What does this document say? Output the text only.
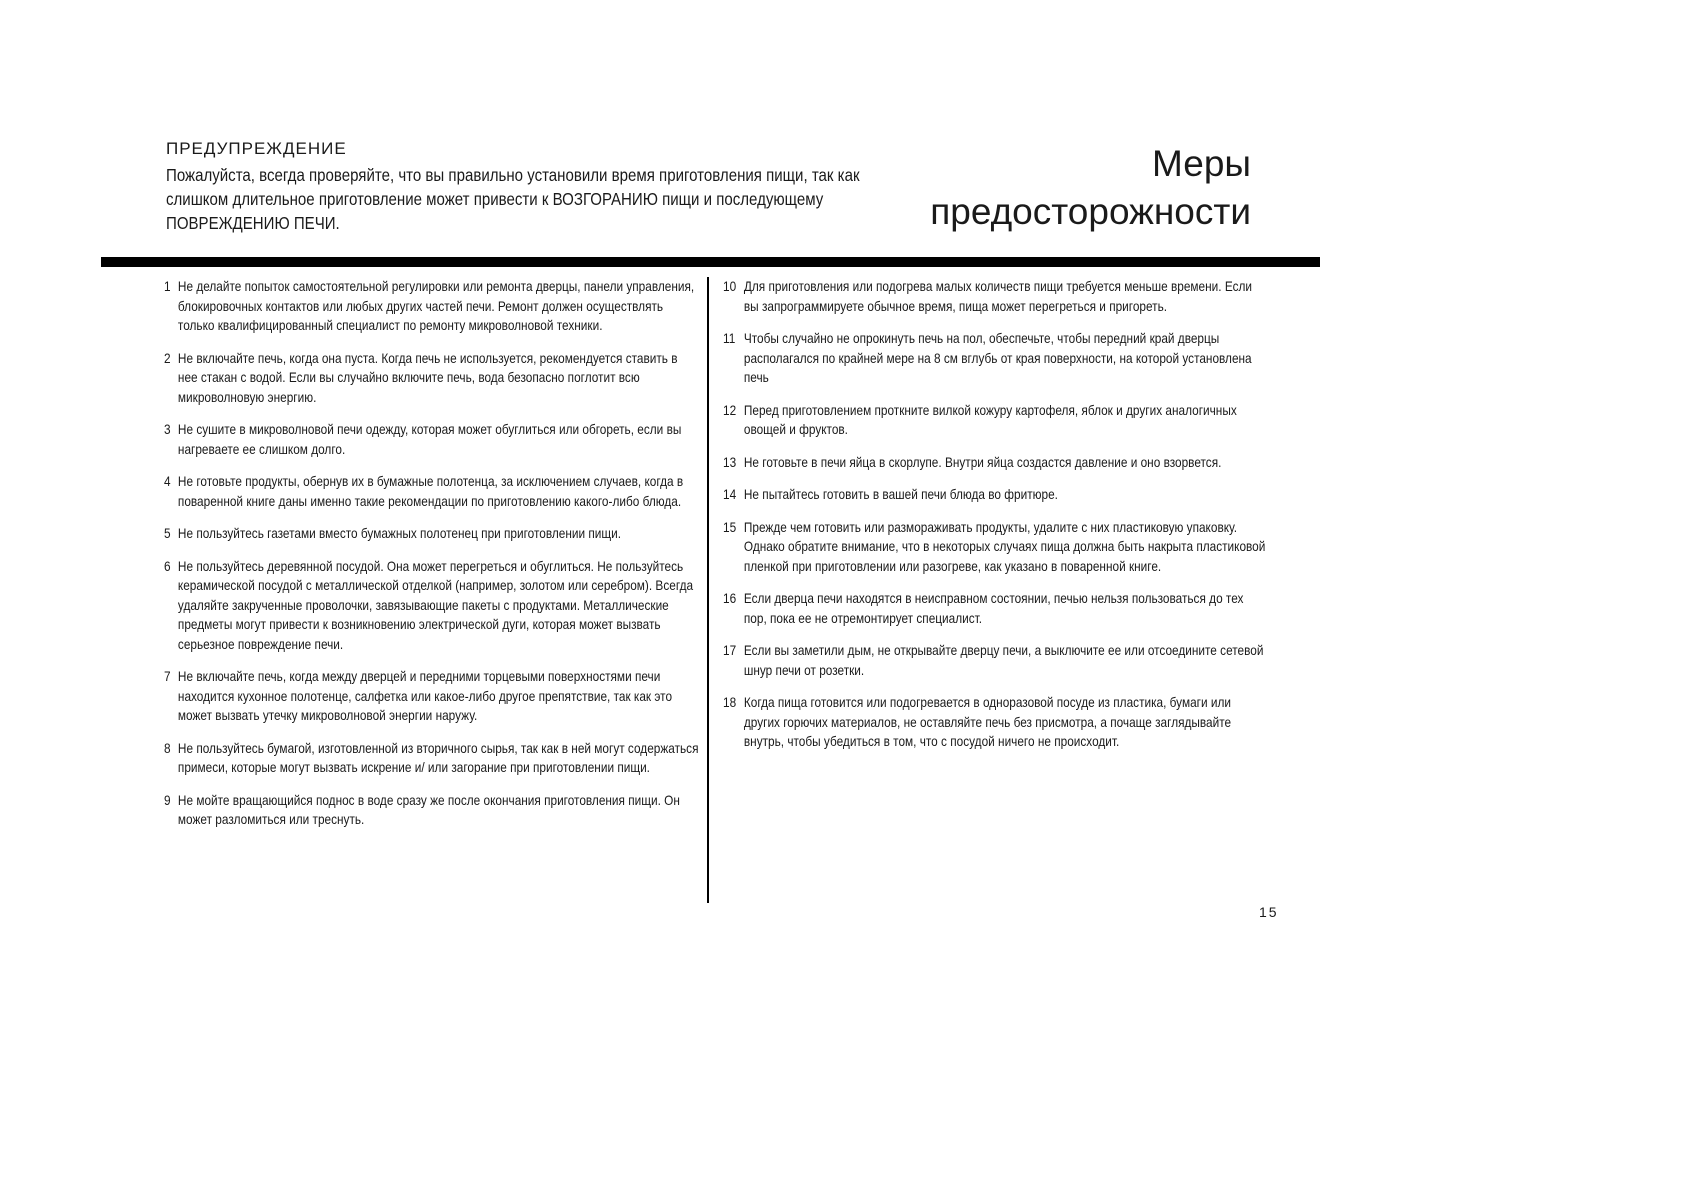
ПРЕДУПРЕЖДЕНИЕ

Пожалуйста, всегда проверяйте, что вы правильно установили время приготовления пищи, так как слишком длительное приготовление может привести к ВОЗГОРАНИЮ пищи и последующему ПОВРЕЖДЕНИЮ ПЕЧИ.

Меры
предосторожности
1 Не делайте попыток самостоятельной регулировки или ремонта дверцы, панели управления, блокировочных контактов или любых других частей печи. Ремонт должен осуществлять только квалифицированный специалист по ремонту микроволновой техники.
2 Не включайте печь, когда она пуста. Когда печь не используется, рекомендуется ставить в нее стакан с водой. Если вы случайно включите печь, вода безопасно поглотит всю микроволновую энергию.
3 Не сушите в микроволновой печи одежду, которая может обуглиться или обгореть, если вы нагреваете ее слишком долго.
4 Не готовьте продукты, обернув их в бумажные полотенца, за исключением случаев, когда в поваренной книге даны именно такие рекомендации по приготовлению какого-либо блюда.
5 Не пользуйтесь газетами вместо бумажных полотенец при приготовлении пищи.
6 Не пользуйтесь деревянной посудой. Она может перегреться и обуглиться. Не пользуйтесь керамической посудой с металлической отделкой (например, золотом или серебром). Всегда удаляйте закрученные проволочки, завязывающие пакеты с продуктами. Металлические предметы могут привести к возникновению электрической дуги, которая может вызвать серьезное повреждение печи.
7 Не включайте печь, когда между дверцей и передними торцевыми поверхностями печи находится кухонное полотенце, салфетка или какое-либо другое препятствие, так как это может вызвать утечку микроволновой энергии наружу.
8 Не пользуйтесь бумагой, изготовленной из вторичного сырья, так как в ней могут содержаться примеси, которые могут вызвать искрение и/ или загорание при приготовлении пищи.
9 Не мойте вращающийся поднос в воде сразу же после окончания приготовления пищи. Он может разломиться или треснуть.
10 Для приготовления или подогрева малых количеств пищи требуется меньше времени. Если вы запрограммируете обычное время, пища может перегреться и пригореть.
11 Чтобы случайно не опрокинуть печь на пол, обеспечьте, чтобы передний край дверцы располагался по крайней мере на 8 см вглубь от края поверхности, на которой установлена печь
12 Перед приготовлением проткните вилкой кожуру картофеля, яблок и других аналогичных овощей и фруктов.
13 Не готовьте в печи яйца в скорлупе. Внутри яйца создастся давление и оно взорвется.
14 Не пытайтесь готовить в вашей печи блюда во фритюре.
15 Прежде чем готовить или размораживать продукты, удалите с них пластиковую упаковку. Однако обратите внимание, что в некоторых случаях пища должна быть накрыта пластиковой пленкой при приготовлении или разогреве, как указано в поваренной книге.
16 Если дверца печи находятся в неисправном состоянии, печью нельзя пользоваться до тех пор, пока ее не отремонтирует специалист.
17 Если вы заметили дым, не открывайте дверцу печи, а выключите ее или отсоедините сетевой шнур печи от розетки.
18 Когда пища готовится или подогревается в одноразовой посуде из пластика, бумаги или других горючих материалов, не оставляйте печь без присмотра, а почаще заглядывайте внутрь, чтобы убедиться в том, что с посудой ничего не происходит.
15
